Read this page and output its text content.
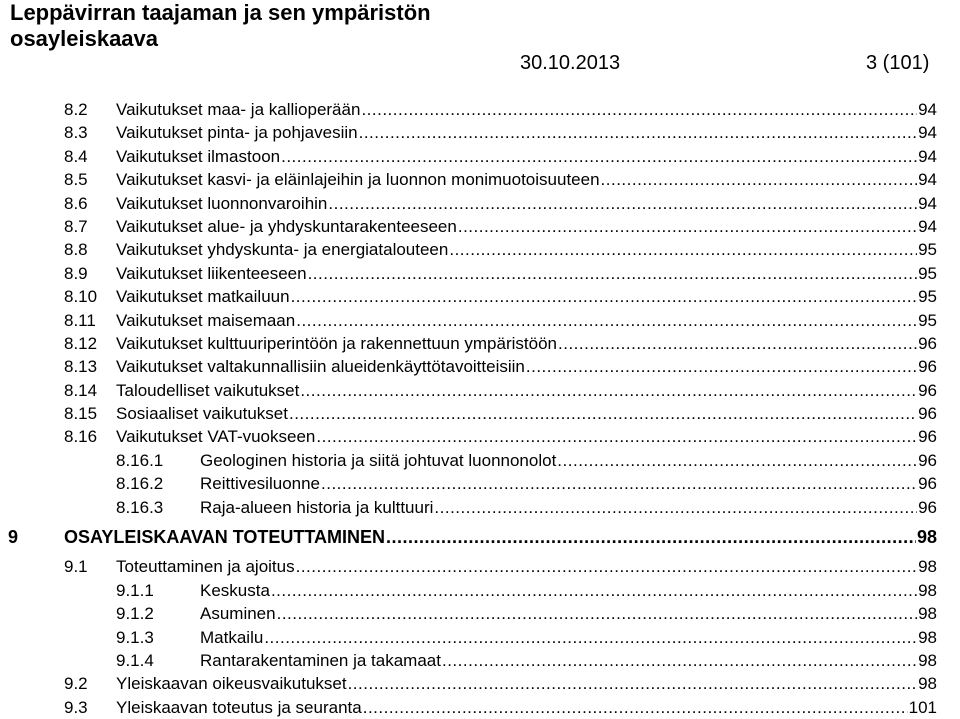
Leppävirran taajaman ja sen ympäristön
osayleiskaava
30.10.2013	3 (101)
8.2 Vaikutukset maa- ja kallioperään .....	94
8.3 Vaikutukset pinta- ja pohjavesiin .....	94
8.4 Vaikutukset ilmastoon .....	94
8.5 Vaikutukset kasvi- ja eläinlajeihin ja luonnon monimuotoisuuteen .....	94
8.6 Vaikutukset luonnonvaroihin .....	94
8.7 Vaikutukset alue- ja yhdyskuntarakenteeseen .....	94
8.8 Vaikutukset yhdyskunta- ja energiatalouteen .....	95
8.9 Vaikutukset liikenteeseen .....	95
8.10 Vaikutukset matkailuun .....	95
8.11 Vaikutukset maisemaan .....	95
8.12 Vaikutukset kulttuuriperintöön ja rakennettuun ympäristöön .....	96
8.13 Vaikutukset valtakunnallisiin alueidenkäyttötavoitteisiin .....	96
8.14 Taloudelliset vaikutukset .....	96
8.15 Sosiaaliset vaikutukset .....	96
8.16 Vaikutukset VAT-vuokseen .....	96
8.16.1 Geologinen historia ja siitä johtuvat luonnonolot .....	96
8.16.2 Reittivesiluonne .....	96
8.16.3 Raja-alueen historia ja kulttuuri .....	96
9	OSAYLEISKAAVAN TOTEUTTAMINEN .....	98
9.1 Toteuttaminen ja ajoitus .....	98
9.1.1	Keskusta .....	98
9.1.2	Asuminen .....	98
9.1.3	Matkailu .....	98
9.1.4	Rantarakentaminen ja takamaat .....	98
9.2 Yleiskaavan oikeusvaikutukset .....	98
9.3 Yleiskaavan toteutus ja seuranta .....	101
